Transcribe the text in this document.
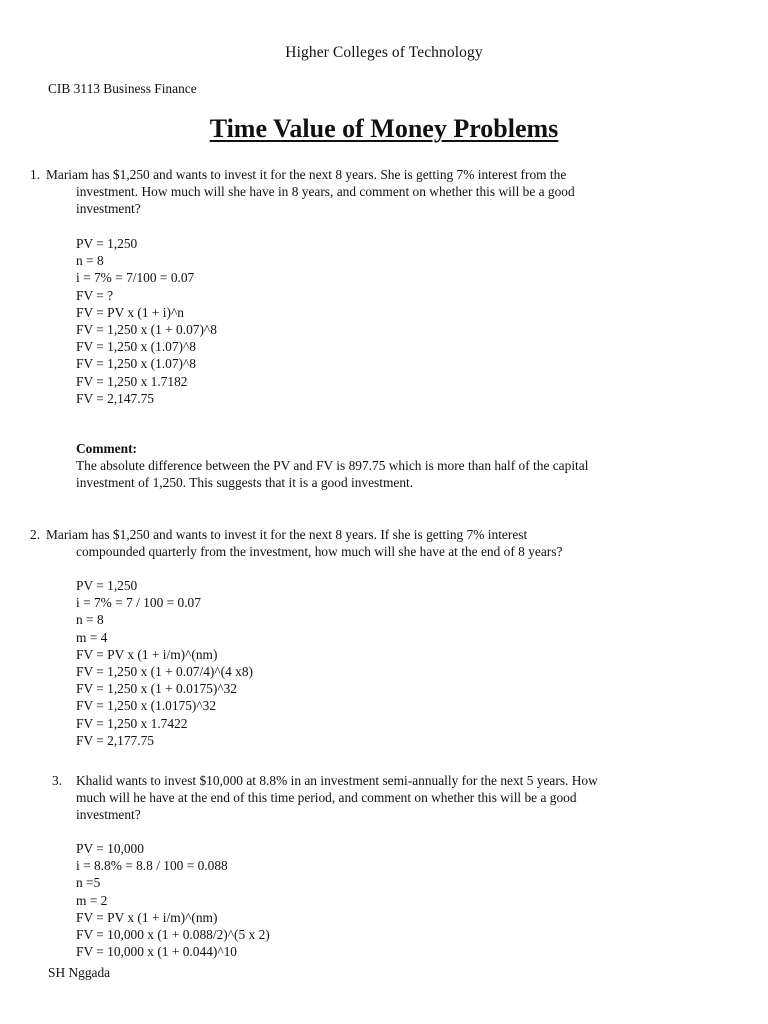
Higher Colleges of Technology
CIB 3113 Business Finance
Time Value of Money Problems
1. Mariam has $1,250 and wants to invest it for the next 8 years. She is getting 7% interest from the
investment. How much will she have in 8 years, and comment on whether this will be a good
investment?
PV = 1,250
n = 8
i = 7% = 7/100 = 0.07
FV = ?
FV = PV x (1 + i)^n
FV = 1,250 x (1 + 0.07)^8
FV = 1,250 x (1.07)^8
FV = 1,250 x (1.07)^8
FV = 1,250 x 1.7182
FV = 2,147.75
Comment:
The absolute difference between the PV and FV is 897.75 which is more than half of the capital
investment of 1,250. This suggests that it is a good investment.
2. Mariam has $1,250 and wants to invest it for the next 8 years. If she is getting 7% interest
compounded quarterly from the investment, how much will she have at the end of 8 years?
PV = 1,250
i = 7% = 7 / 100 = 0.07
n = 8
m = 4
FV = PV x (1 + i/m)^(nm)
FV = 1,250 x (1 + 0.07/4)^(4 x8)
FV = 1,250 x (1 + 0.0175)^32
FV = 1,250 x (1.0175)^32
FV = 1,250 x 1.7422
FV = 2,177.75
3. Khalid wants to invest $10,000 at 8.8% in an investment semi-annually for the next 5 years. How
much will he have at the end of this time period, and comment on whether this will be a good
investment?
PV = 10,000
i = 8.8% = 8.8 / 100 = 0.088
n =5
m = 2
FV = PV x (1 + i/m)^(nm)
FV = 10,000 x (1 + 0.088/2)^(5 x 2)
FV = 10,000 x (1 + 0.044)^10
SH Nggada
